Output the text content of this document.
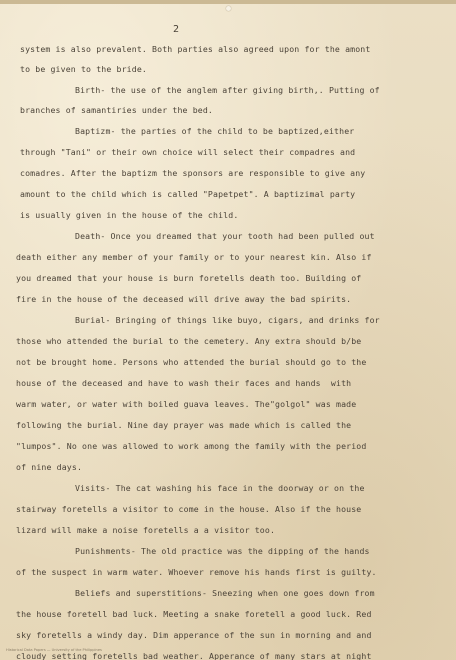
2
system is also prevalent. Both parties also agreed upon for the amont
to be given to the bride.
Birth- the use of the anglem after giving birth,. Putting of
branches of samantiries under the bed.
Baptizm- the parties of the child to be baptized,either
through "Tani" or their own choice will select their compadres and
comadres. After the baptizm the sponsors are responsible to give any
amount to the child which is called "Papetpet". A baptizimal party
is usually given in the house of the child.
Death- Once you dreamed that your tooth had been pulled out
death either any member of your family or to your nearest kin. Also if
you dreamed that your house is burn foretells death too. Building of
fire in the house of the deceased will drive away the bad spirits.
Burial- Bringing of things like buyo, cigars, and drinks for
those who attended the burial to the cemetery. Any extra should b/be
not be brought home. Persons who attended the burial should go to the
house of the deceased and have to wash their faces and hands  with
warm water, or water with boiled guava leaves. The"golgol" was made
following the burial. Nine day prayer was made which is called the
"lumpos". No one was allowed to work among the family with the period
of nine days.
Visits- The cat washing his face in the doorway or on the
stairway foretells a visitor to come in the house. Also if the house
lizard will make a noise foretells a a visitor too.
Punishments- The old practice was the dipping of the hands
of the suspect in warm water. Whoever remove his hands first is guilty.
Beliefs and superstitions- Sneezing when one goes down from
the house foretell bad luck. Meeting a snake foretell a good luck. Red
sky foretells a windy day. Dim apperance of the sun in morning and and
cloudy setting foretells bad weather. Apperance of many stars at night
Historical Data Papers — University of the Philippines
